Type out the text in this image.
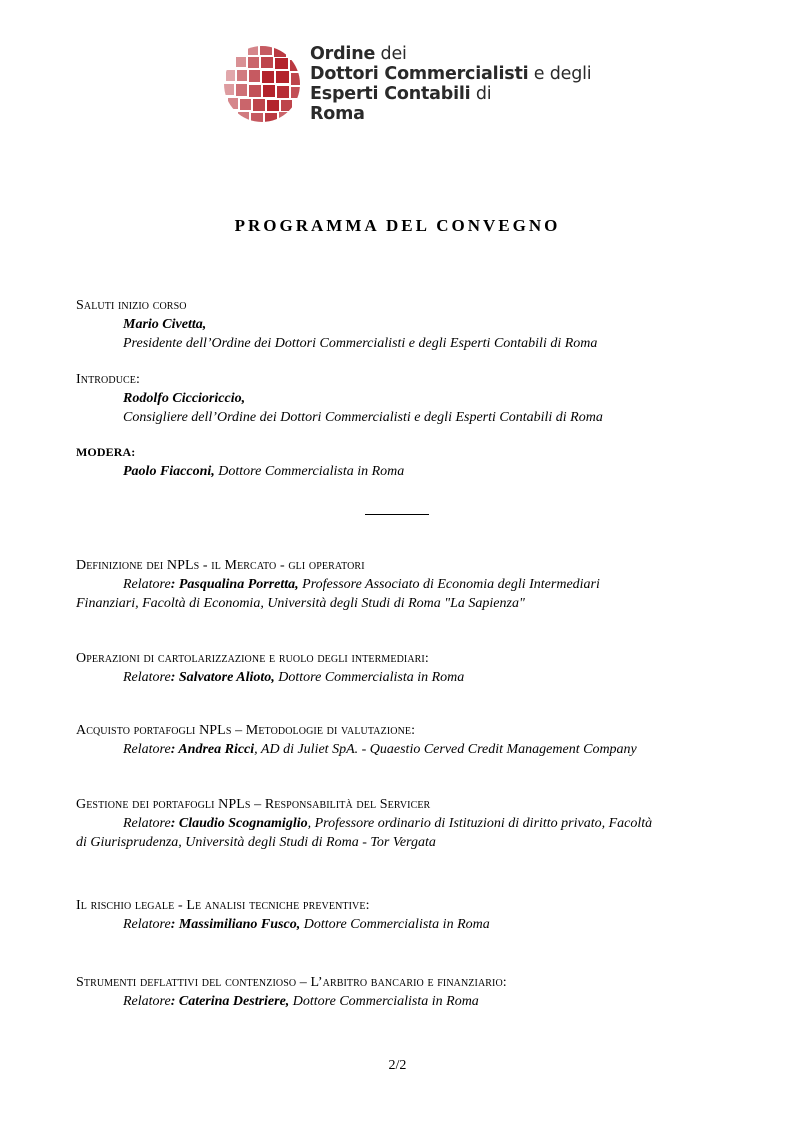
Ordine dei
Dottori Commercialisti e degli
Esperti Contabili di
Roma
PROGRAMMA DEL CONVEGNO
Saluti inizio corso
Mario Civetta,
Presidente dell’Ordine dei Dottori Commercialisti e degli Esperti Contabili di Roma
Introduce:
Rodolfo Ciccioriccio,
Consigliere dell’Ordine dei Dottori Commercialisti e degli Esperti Contabili di Roma
MODERA:
Paolo Fiacconi, Dottore Commercialista in Roma
Definizione dei NPLs - il Mercato - gli operatori
Relatore: Pasqualina Porretta, Professore Associato di Economia degli Intermediari
Finanziari, Facoltà di Economia, Università degli Studi di Roma "La Sapienza"
Operazioni di cartolarizzazione e ruolo degli intermediari:
Relatore: Salvatore Alioto, Dottore Commercialista in Roma
Acquisto portafogli NPLs – Metodologie di valutazione:
Relatore: Andrea Ricci, AD di Juliet SpA. - Quaestio Cerved Credit Management Company
Gestione dei portafogli NPLs – Responsabilità del Servicer
Relatore: Claudio Scognamiglio, Professore ordinario di Istituzioni di diritto privato, Facoltà
di Giurisprudenza, Università degli Studi di Roma - Tor Vergata
Il rischio legale - Le analisi tecniche preventive:
Relatore: Massimiliano Fusco, Dottore Commercialista in Roma
Strumenti deflattivi del contenzioso – L’arbitro bancario e finanziario:
Relatore: Caterina Destriere, Dottore Commercialista in Roma
2/2
